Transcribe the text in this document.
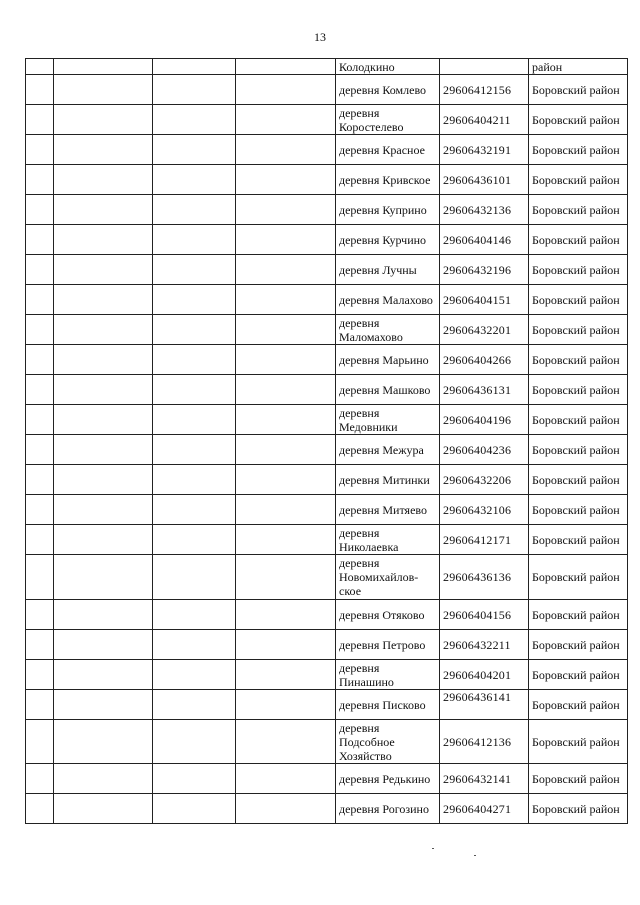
13
				Колодкино		район
				деревня Комлево	29606412156	Боровский район
				деревня Коростелево	29606404211	Боровский район
				деревня Красное	29606432191	Боровский район
				деревня Кривское	29606436101	Боровский район
				деревня Куприно	29606432136	Боровский район
				деревня Курчино	29606404146	Боровский район
				деревня Лучны	29606432196	Боровский район
				деревня Малахово	29606404151	Боровский район
				деревня Маломахово	29606432201	Боровский район
				деревня Марьино	29606404266	Боровский район
				деревня Машково	29606436131	Боровский район
				деревня Медовники	29606404196	Боровский район
				деревня Межура	29606404236	Боровский район
				деревня Митинки	29606432206	Боровский район
				деревня Митяево	29606432106	Боровский район
				деревня Николаевка	29606412171	Боровский район
				деревня Новомихайлов-ское	29606436136	Боровский район
				деревня Отяково	29606404156	Боровский район
				деревня Петрово	29606432211	Боровский район
				деревня Пинашино	29606404201	Боровский район
				деревня Писково	29606436141	Боровский район
				деревня Подсобное Хозяйство	29606412136	Боровский район
				деревня Редькино	29606432141	Боровский район
				деревня Рогозино	29606404271	Боровский район
